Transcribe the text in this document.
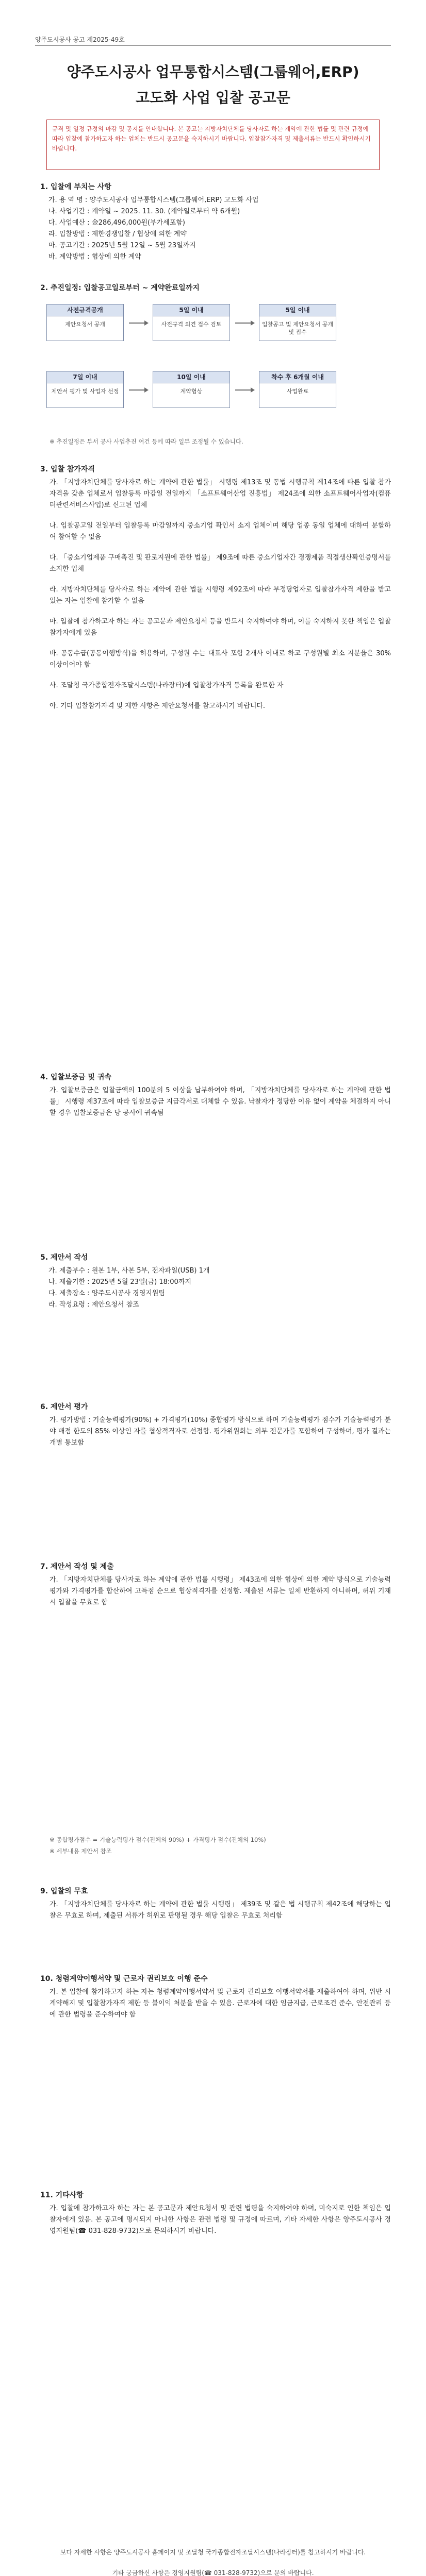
양주도시공사 공고 제2025-49호
양주도시공사 업무통합시스템(그룹웨어,ERP)
고도화 사업 입찰 공고문
규격 및 일정 규정의 마감 및 공지를 안내합니다. 본 공고는 지방자치단체를 당사자로 하는 계약에 관한 법률 및 관련 규정에 따라 입찰에 참가하고자 하는 업체는 반드시 공고문을 숙지하시기 바랍니다. 입찰참가자격 및 제출서류는 반드시 확인하시기 바랍니다.
1. 입찰에 부치는 사항
가. 용 역 명 : 양주도시공사 업무통합시스템(그룹웨어,ERP) 고도화 사업
나. 사업기간 : 계약일 ~ 2025. 11. 30. (계약일로부터 약 6개월)
다. 사업예산 : 金286,496,000원(부가세포함)
라. 입찰방법 : 제한경쟁입찰 / 협상에 의한 계약
마. 공고기간 : 2025년 5월 12일 ~ 5월 23일까지
바. 계약방법 : 협상에 의한 계약
2. 추진일정: 입찰공고일로부터 ~ 계약완료일까지
사전규격공개
제안요청서 공개
5일 이내
사전규격 의견 접수 검토
5일 이내
입찰공고 및 제안요청서 공개 및 접수
7일 이내
제안서 평가 및 사업자 선정
10일 이내
계약협상
착수 후 6개월 이내
사업완료
※ 추진일정은 부서 공사 사업추진 여건 등에 따라 일부 조정될 수 있습니다.
3. 입찰 참가자격
가. 「지방자치단체를 당사자로 하는 계약에 관한 법률」 시행령 제13조 및 동법 시행규칙 제14조에 따른 입찰 참가자격을 갖춘 업체로서 입찰등록 마감일 전일까지 「소프트웨어산업 진흥법」 제24조에 의한 소프트웨어사업자(컴퓨터관련서비스사업)로 신고된 업체
나. 입찰공고일 전일부터 입찰등록 마감일까지 중소기업 확인서 소지 업체이며 해당 업종 동일 업체에 대하여 분할하여 참여할 수 없음
다. 「중소기업제품 구매촉진 및 판로지원에 관한 법률」 제9조에 따른 중소기업자간 경쟁제품 직접생산확인증명서를 소지한 업체
라. 지방자치단체를 당사자로 하는 계약에 관한 법률 시행령 제92조에 따라 부정당업자로 입찰참가자격 제한을 받고 있는 자는 입찰에 참가할 수 없음
마. 입찰에 참가하고자 하는 자는 공고문과 제안요청서 등을 반드시 숙지하여야 하며, 이를 숙지하지 못한 책임은 입찰참가자에게 있음
바. 공동수급(공동이행방식)을 허용하며, 구성원 수는 대표사 포함 2개사 이내로 하고 구성원별 최소 지분율은 30% 이상이어야 함
사. 조달청 국가종합전자조달시스템(나라장터)에 입찰참가자격 등록을 완료한 자
아. 기타 입찰참가자격 및 제한 사항은 제안요청서를 참고하시기 바랍니다.
4. 입찰보증금 및 귀속
가. 입찰보증금은 입찰금액의 100분의 5 이상을 납부하여야 하며, 「지방자치단체를 당사자로 하는 계약에 관한 법률」 시행령 제37조에 따라 입찰보증금 지급각서로 대체할 수 있음. 낙찰자가 정당한 이유 없이 계약을 체결하지 아니할 경우 입찰보증금은 당 공사에 귀속됨
5. 제안서 작성
가. 제출부수 : 원본 1부, 사본 5부, 전자파일(USB) 1개
나. 제출기한 : 2025년 5월 23일(금) 18:00까지
다. 제출장소 : 양주도시공사 경영지원팀
라. 작성요령 : 제안요청서 참조
6. 제안서 평가
가. 평가방법 : 기술능력평가(90%) + 가격평가(10%) 종합평가 방식으로 하며 기술능력평가 점수가 기술능력평가 분야 배점 한도의 85% 이상인 자를 협상적격자로 선정함. 평가위원회는 외부 전문가를 포함하여 구성하며, 평가 결과는 개별 통보함
7. 제안서 작성 및 제출
가. 「지방자치단체를 당사자로 하는 계약에 관한 법률 시행령」 제43조에 의한 협상에 의한 계약 방식으로 기술능력평가와 가격평가를 합산하여 고득점 순으로 협상적격자를 선정함. 제출된 서류는 일체 반환하지 아니하며, 허위 기재 시 입찰을 무효로 함
※ 종합평가점수 = 기술능력평가 점수(전체의 90%) + 가격평가 점수(전체의 10%)
※ 세부내용 제안서 참조
9. 입찰의 무효
가. 「지방자치단체를 당사자로 하는 계약에 관한 법률 시행령」 제39조 및 같은 법 시행규칙 제42조에 해당하는 입찰은 무효로 하며, 제출된 서류가 허위로 판명될 경우 해당 입찰은 무효로 처리함
10. 청렴계약이행서약 및 근로자 권리보호 이행 준수
가. 본 입찰에 참가하고자 하는 자는 청렴계약이행서약서 및 근로자 권리보호 이행서약서를 제출하여야 하며, 위반 시 계약해지 및 입찰참가자격 제한 등 불이익 처분을 받을 수 있음. 근로자에 대한 임금지급, 근로조건 준수, 안전관리 등에 관한 법령을 준수하여야 함
11. 기타사항
가. 입찰에 참가하고자 하는 자는 본 공고문과 제안요청서 및 관련 법령을 숙지하여야 하며, 미숙지로 인한 책임은 입찰자에게 있음. 본 공고에 명시되지 아니한 사항은 관련 법령 및 규정에 따르며, 기타 자세한 사항은 양주도시공사 경영지원팀(☎ 031-828-9732)으로 문의하시기 바랍니다.
보다 자세한 사항은 양주도시공사 홈페이지 및 조달청 국가종합전자조달시스템(나라장터)를 참고하시기 바랍니다.
기타 궁금하신 사항은 경영지원팀(☎ 031-828-9732)으로 문의 바랍니다.
